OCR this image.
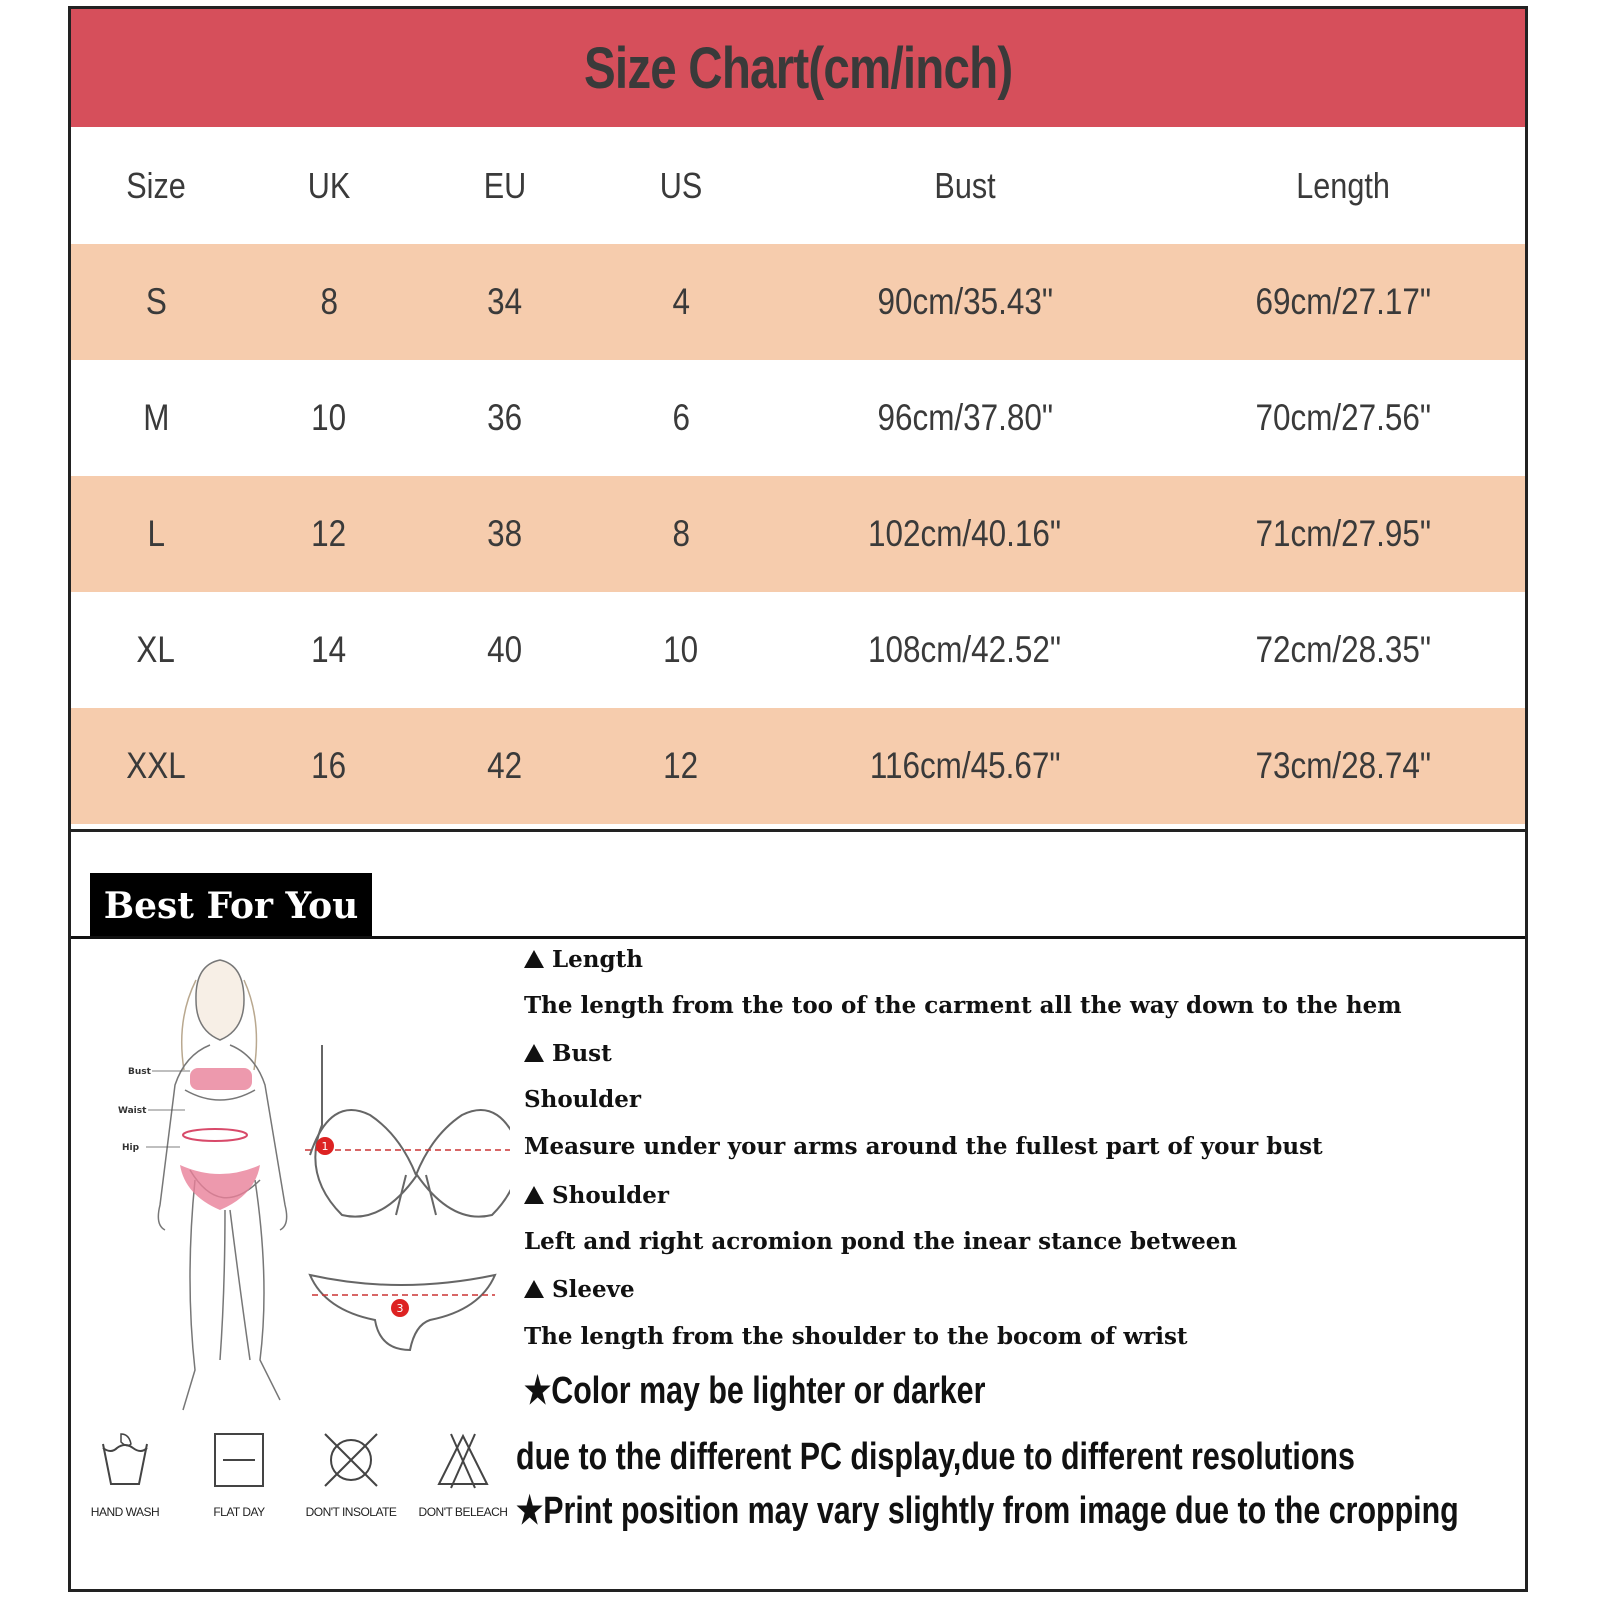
Size Chart(cm/inch)
Size	UK	EU	US	Bust	Length
S	8	34	4	90cm/35.43"	69cm/27.17"
M	10	36	6	96cm/37.80"	70cm/27.56"
L	12	38	8	102cm/40.16"	71cm/27.95"
XL	14	40	10	108cm/42.52"	72cm/28.35"
XXL	16	42	12	116cm/45.67"	73cm/28.74"
Best For You
Bust
Waist
Hip	1
3
HAND WASH	FLAT DAY	DON'T INSOLATE	DON'T BELEACH
Length
The length from the too of the carment all the way down to the hem
Bust
Shoulder
Measure under your arms around the fullest part of your bust
Shoulder
Left and right acromion pond the inear stance between
Sleeve
The length from the shoulder to the bocom of wrist
★Color may be lighter or darker
due to the different PC display,due to different resolutions
★Print position may vary slightly from image due to the cropping
